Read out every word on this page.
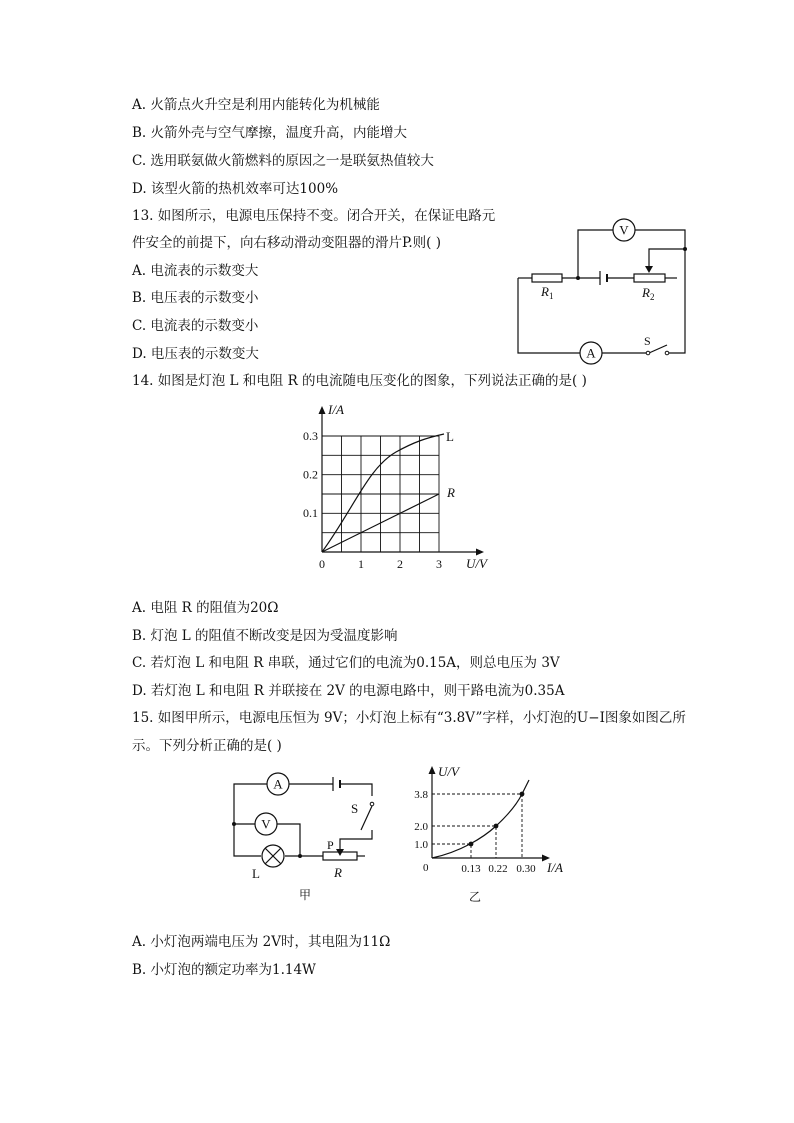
A. 火箭点火升空是利用内能转化为机械能
B. 火箭外壳与空气摩擦，温度升高，内能增大
C. 选用联氨做火箭燃料的原因之一是联氨热值较大
D. 该型火箭的热机效率可达100%
13. 如图所示，电源电压保持不变。闭合开关，在保证电路元
件安全的前提下，向右移动滑动变阻器的滑片P.则( )
A. 电流表的示数变大
B. 电压表的示数变小
C. 电流表的示数变小
D. 电压表的示数变大
V
A
$R_1$	$R_2$
S
14. 如图是灯泡 L 和电阻 R 的电流随电压变化的图象，下列说法正确的是( )
I/A
U/V
0.3
0.2
0.1
0	1	2	3
L
R
A. 电阻 R 的阻值为20Ω
B. 灯泡 L 的阻值不断改变是因为受温度影响
C. 若灯泡 L 和电阻 R 串联，通过它们的电流为0.15A，则总电压为 3V
D. 若灯泡 L 和电阻 R 并联接在 2V 的电源电路中，则干路电流为0.35A
15. 如图甲所示，电源电压恒为 9V；小灯泡上标有“3.8V”字样，小灯泡的U−I图象如图乙所
示。下列分析正确的是( )
A
V
L
S
P
R
甲
U/V
I/A
0
3.8
2.0
1.0
0.13 0.22 0.30
乙
A. 小灯泡两端电压为 2V时，其电阻为11Ω
B. 小灯泡的额定功率为1.14W
